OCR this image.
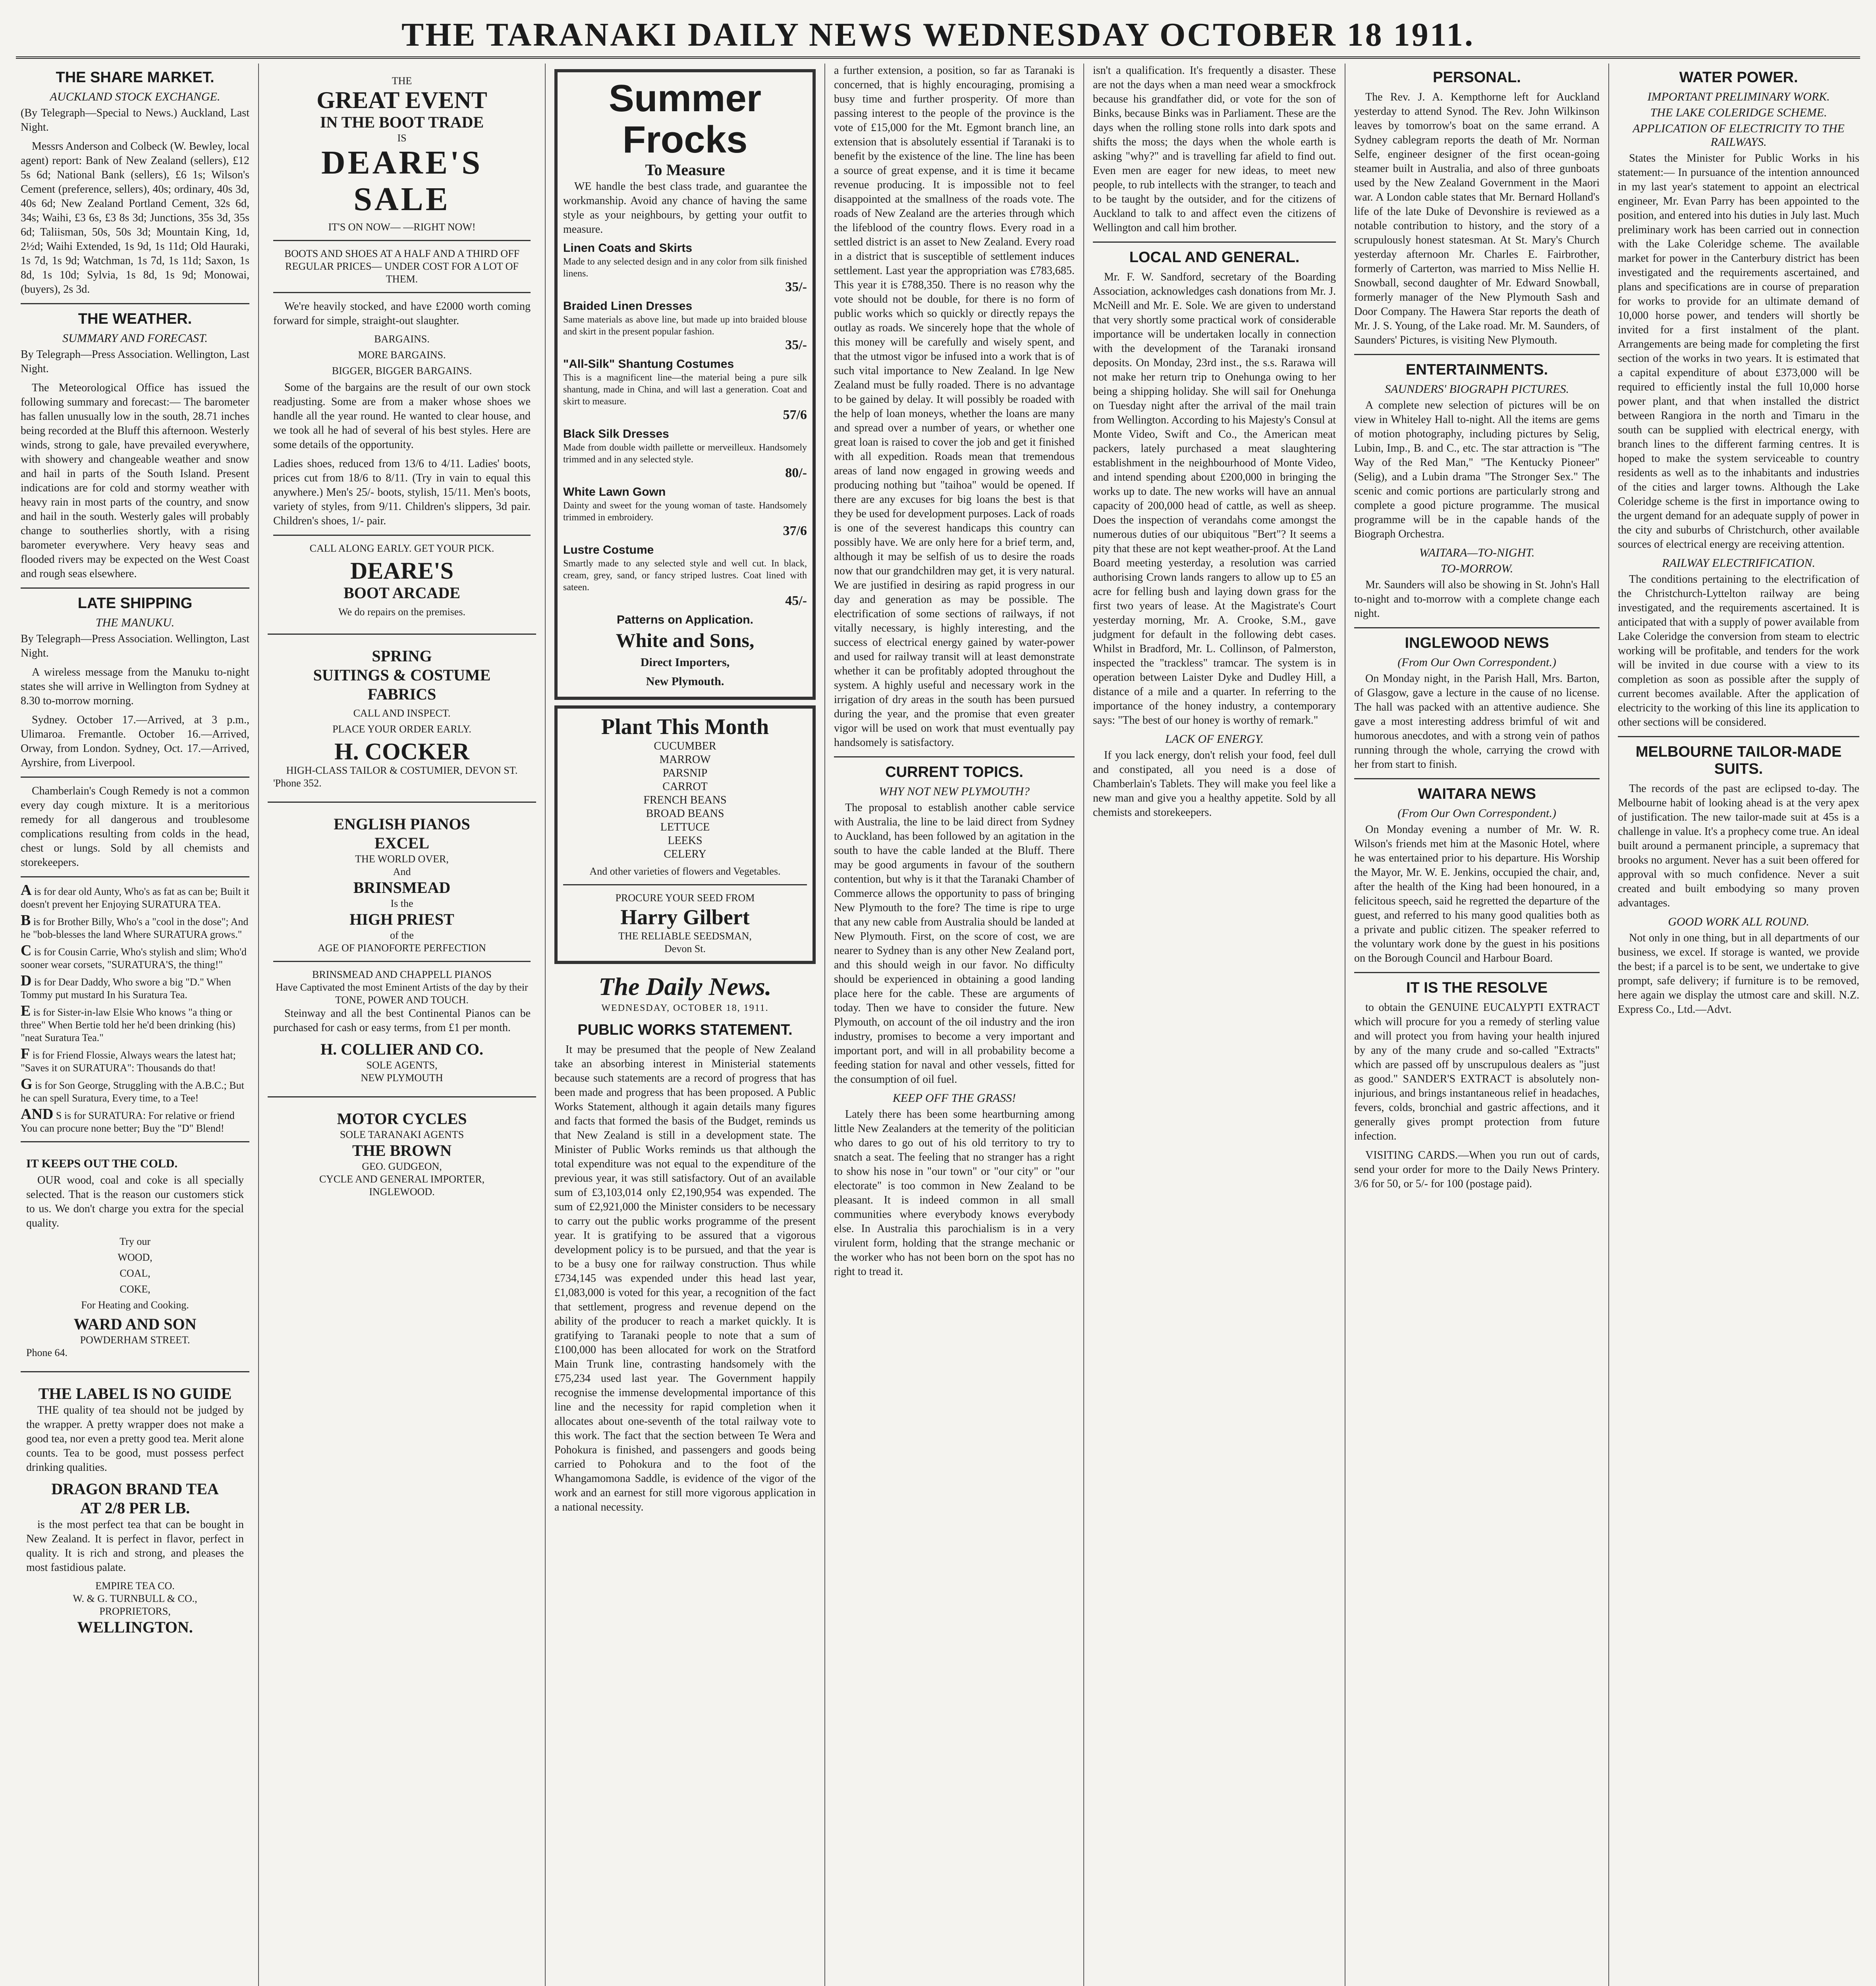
THE TARANAKI DAILY NEWS WEDNESDAY OCTOBER 18 1911.
THE SHARE MARKET.
AUCKLAND STOCK EXCHANGE.

(By Telegraph—Special to News.) Auckland, Last Night.

Messrs Anderson and Colbeck (W. Bewley, local agent) report: Bank of New Zealand (sellers), £12 5s 6d; National Bank (sellers), £6 1s; Wilson's Cement (preference, sellers), 40s; ordinary, 40s 3d, 40s 6d; New Zealand Portland Cement, 32s 6d, 34s; Waihi, £3 6s, £3 8s 3d; Junctions, 35s 3d, 35s 6d; Taliisman, 50s, 50s 3d; Mountain King, 1d, 2½d; Waihi Extended, 1s 9d, 1s 11d; Old Hauraki, 1s 7d, 1s 9d; Watchman, 1s 7d, 1s 11d; Saxon, 1s 8d, 1s 10d; Sylvia, 1s 8d, 1s 9d; Monowai, (buyers), 2s 3d.

THE WEATHER.
SUMMARY AND FORECAST.

By Telegraph—Press Association. Wellington, Last Night.

The Meteorological Office has issued the following summary and forecast:— The barometer has fallen unusually low in the south, 28.71 inches being recorded at the Bluff this afternoon. Westerly winds, strong to gale, have prevailed everywhere, with showery and changeable weather and snow and hail in parts of the South Island. Present indications are for cold and stormy weather with heavy rain in most parts of the country, and snow and hail in the south. Westerly gales will probably change to southerlies shortly, with a rising barometer everywhere. Very heavy seas and flooded rivers may be expected on the West Coast and rough seas elsewhere.

LATE SHIPPING
THE MANUKU.

By Telegraph—Press Association. Wellington, Last Night.

A wireless message from the Manuku to-night states she will arrive in Wellington from Sydney at 8.30 to-morrow morning.

Sydney. October 17.—Arrived, at 3 p.m., Ulimaroa. Fremantle. October 16.—Arrived, Orway, from London. Sydney, Oct. 17.—Arrived, Ayrshire, from Liverpool.

Chamberlain's Cough Remedy is not a common every day cough mixture. It is a meritorious remedy for all dangerous and troublesome complications resulting from colds in the head, chest or lungs. Sold by all chemists and storekeepers.

A is for dear old Aunty, Who's as fat as can be; Built it doesn't prevent her Enjoying SURATURA TEA.
B is for Brother Billy, Who's a "cool in the dose"; And he "bob-blesses the land Where SURATURA grows."
C is for Cousin Carrie, Who's stylish and slim; Who'd sooner wear corsets, "SURATURA'S, the thing!"
D is for Dear Daddy, Who swore a big "D." When Tommy put mustard In his Suratura Tea.
E is for Sister-in-law Elsie Who knows "a thing or three" When Bertie told her he'd been drinking (his) "neat Suratura Tea."
F is for Friend Flossie, Always wears the latest hat; "Saves it on SURATURA": Thousands do that!
G is for Son George, Struggling with the A.B.C.; But he can spell Suratura, Every time, to a Tee!
AND S is for SURATURA: For relative or friend You can procure none better; Buy the "D" Blend!
IT KEEPS OUT THE COLD.

OUR wood, coal and coke is all specially selected. That is the reason our customers stick to us. We don't charge you extra for the special quality.

Try our
WOOD,
COAL,
COKE,
For Heating and Cooking.
WARD AND SON
POWDERHAM STREET.
Phone 64.
THE LABEL IS NO GUIDE

THE quality of tea should not be judged by the wrapper. A pretty wrapper does not make a good tea, nor even a pretty good tea. Merit alone counts. Tea to be good, must possess perfect drinking qualities.

DRAGON BRAND TEA
AT 2/8 PER LB.

is the most perfect tea that can be bought in New Zealand. It is perfect in flavor, perfect in quality. It is rich and strong, and pleases the most fastidious palate.

EMPIRE TEA CO.
W. & G. TURNBULL & CO.,
PROPRIETORS,
WELLINGTON.
THE
GREAT EVENT
IN THE BOOT TRADE
IS
DEARE'S
SALE
IT'S ON NOW— —RIGHT NOW!
BOOTS AND SHOES AT A HALF AND A THIRD OFF REGULAR PRICES— UNDER COST FOR A LOT OF THEM.

We're heavily stocked, and have £2000 worth coming forward for simple, straight-out slaughter.

BARGAINS.
MORE BARGAINS.
BIGGER, BIGGER BARGAINS.

Some of the bargains are the result of our own stock readjusting. Some are from a maker whose shoes we handle all the year round. He wanted to clear house, and we took all he had of several of his best styles. Here are some details of the opportunity.

Ladies shoes, reduced from 13/6 to 4/11. Ladies' boots, prices cut from 18/6 to 8/11. (Try in vain to equal this anywhere.) Men's 25/- boots, stylish, 15/11. Men's boots, variety of styles, from 9/11. Children's slippers, 3d pair. Children's shoes, 1/- pair.

CALL ALONG EARLY. GET YOUR PICK.
DEARE'S
BOOT ARCADE
We do repairs on the premises.
SPRING
SUITINGS & COSTUME
FABRICS
CALL AND INSPECT.
PLACE YOUR ORDER EARLY.
H. COCKER
HIGH-CLASS TAILOR & COSTUMIER, DEVON ST.
'Phone 352.
ENGLISH PIANOS
EXCEL
THE WORLD OVER,
And
BRINSMEAD
Is the
HIGH PRIEST
of the
AGE OF PIANOFORTE PERFECTION
BRINSMEAD AND CHAPPELL PIANOS
Have Captivated the most Eminent Artists of the day by their
TONE, POWER AND TOUCH.

Steinway and all the best Continental Pianos can be purchased for cash or easy terms, from £1 per month.

H. COLLIER AND CO.
SOLE AGENTS,
NEW PLYMOUTH
MOTOR CYCLES
SOLE TARANAKI AGENTS
THE BROWN
GEO. GUDGEON,
CYCLE AND GENERAL IMPORTER,
INGLEWOOD.
Summer Frocks
To Measure

WE handle the best class trade, and guarantee the workmanship. Avoid any chance of having the same style as your neighbours, by getting your outfit to measure.

Linen Coats and Skirts
Made to any selected design and in any color from silk finished linens.
35/-
Braided Linen Dresses
Same materials as above line, but made up into braided blouse and skirt in the present popular fashion.
35/-
"All-Silk" Shantung Costumes
This is a magnificent line—the material being a pure silk shantung, made in China, and will last a generation. Coat and skirt to measure.
57/6
Black Silk Dresses
Made from double width paillette or merveilleux. Handsomely trimmed and in any selected style.
80/-
White Lawn Gown
Dainty and sweet for the young woman of taste. Handsomely trimmed in embroidery.
37/6
Lustre Costume
Smartly made to any selected style and well cut. In black, cream, grey, sand, or fancy striped lustres. Coat lined with sateen.
45/-
Patterns on Application.
White and Sons,
Direct Importers,
New Plymouth.
Plant This Month
CUCUMBER
MARROW
PARSNIP
CARROT
FRENCH BEANS
BROAD BEANS
LETTUCE
LEEKS
CELERY
And other varieties of flowers and Vegetables.
PROCURE YOUR SEED FROM
Harry Gilbert
THE RELIABLE SEEDSMAN,
Devon St.
The Daily News.
WEDNESDAY, OCTOBER 18, 1911.
PUBLIC WORKS STATEMENT.

It may be presumed that the people of New Zealand take an absorbing interest in Ministerial statements because such statements are a record of progress that has been made and progress that has been proposed. A Public Works Statement, although it again details many figures and facts that formed the basis of the Budget, reminds us that New Zealand is still in a development state. The Minister of Public Works reminds us that although the total expenditure was not equal to the expenditure of the previous year, it was still satisfactory. Out of an available sum of £3,103,014 only £2,190,954 was expended. The sum of £2,921,000 the Minister considers to be necessary to carry out the public works programme of the present year. It is gratifying to be assured that a vigorous development policy is to be pursued, and that the year is to be a busy one for railway construction. Thus while £734,145 was expended under this head last year, £1,083,000 is voted for this year, a recognition of the fact that settlement, progress and revenue depend on the ability of the producer to reach a market quickly. It is gratifying to Taranaki people to note that a sum of £100,000 has been allocated for work on the Stratford Main Trunk line, contrasting handsomely with the £75,234 used last year. The Government happily recognise the immense developmental importance of this line and the necessity for rapid completion when it allocates about one-seventh of the total railway vote to this work. The fact that the section between Te Wera and Pohokura is finished, and passengers and goods being carried to Pohokura and to the foot of the Whangamomona Saddle, is evidence of the vigor of the work and an earnest for still more vigorous application in a national necessity.

a further extension, a position, so far as Taranaki is concerned, that is highly encouraging, promising a busy time and further prosperity. Of more than passing interest to the people of the province is the vote of £15,000 for the Mt. Egmont branch line, an extension that is absolutely essential if Taranaki is to benefit by the existence of the line. The line has been a source of great expense, and it is time it became revenue producing. It is impossible not to feel disappointed at the smallness of the roads vote. The roads of New Zealand are the arteries through which the lifeblood of the country flows. Every road in a settled district is an asset to New Zealand. Every road in a district that is susceptible of settlement induces settlement. Last year the appropriation was £783,685. This year it is £788,350. There is no reason why the vote should not be double, for there is no form of public works which so quickly or directly repays the outlay as roads. We sincerely hope that the whole of this money will be carefully and wisely spent, and that the utmost vigor be infused into a work that is of such vital importance to New Zealand. In lge New Zealand must be fully roaded. There is no advantage to be gained by delay. It will possibly be roaded with the help of loan moneys, whether the loans are many and spread over a number of years, or whether one great loan is raised to cover the job and get it finished with all expedition. Roads mean that tremendous areas of land now engaged in growing weeds and producing nothing but "taihoa" would be opened. If there are any excuses for big loans the best is that they be used for development purposes. Lack of roads is one of the severest handicaps this country can possibly have. We are only here for a brief term, and, although it may be selfish of us to desire the roads now that our grandchildren may get, it is very natural. We are justified in desiring as rapid progress in our day and generation as may be possible. The electrification of some sections of railways, if not vitally necessary, is highly interesting, and the success of electrical energy gained by water-power and used for railway transit will at least demonstrate whether it can be profitably adopted throughout the system. A highly useful and necessary work in the irrigation of dry areas in the south has been pursued during the year, and the promise that even greater vigor will be used on work that must eventually pay handsomely is satisfactory.

CURRENT TOPICS.
WHY NOT NEW PLYMOUTH?

The proposal to establish another cable service with Australia, the line to be laid direct from Sydney to Auckland, has been followed by an agitation in the south to have the cable landed at the Bluff. There may be good arguments in favour of the southern contention, but why is it that the Taranaki Chamber of Commerce allows the opportunity to pass of bringing New Plymouth to the fore? The time is ripe to urge that any new cable from Australia should be landed at New Plymouth. First, on the score of cost, we are nearer to Sydney than is any other New Zealand port, and this should weigh in our favor. No difficulty should be experienced in obtaining a good landing place here for the cable. These are arguments of today. Then we have to consider the future. New Plymouth, on account of the oil industry and the iron industry, promises to become a very important and important port, and will in all probability become a feeding station for naval and other vessels, fitted for the consumption of oil fuel.

KEEP OFF THE GRASS!

Lately there has been some heartburning among little New Zealanders at the temerity of the politician who dares to go out of his old territory to try to snatch a seat. The feeling that no stranger has a right to show his nose in "our town" or "our city" or "our electorate" is too common in New Zealand to be pleasant. It is indeed common in all small communities where everybody knows everybody else. In Australia this parochialism is in a very virulent form, holding that the strange mechanic or the worker who has not been born on the spot has no right to tread it.

isn't a qualification. It's frequently a disaster. These are not the days when a man need wear a smockfrock because his grandfather did, or vote for the son of Binks, because Binks was in Parliament. These are the days when the rolling stone rolls into dark spots and shifts the moss; the days when the whole earth is asking "why?" and is travelling far afield to find out. Even men are eager for new ideas, to meet new people, to rub intellects with the stranger, to teach and to be taught by the outsider, and for the citizens of Auckland to talk to and affect even the citizens of Wellington and call him brother.

LOCAL AND GENERAL.

Mr. F. W. Sandford, secretary of the Boarding Association, acknowledges cash donations from Mr. J. McNeill and Mr. E. Sole. We are given to understand that very shortly some practical work of considerable importance will be undertaken locally in connection with the development of the Taranaki ironsand deposits. On Monday, 23rd inst., the s.s. Rarawa will not make her return trip to Onehunga owing to her being a shipping holiday. She will sail for Onehunga on Tuesday night after the arrival of the mail train from Wellington. According to his Majesty's Consul at Monte Video, Swift and Co., the American meat packers, lately purchased a meat slaughtering establishment in the neighbourhood of Monte Video, and intend spending about £200,000 in bringing the works up to date. The new works will have an annual capacity of 200,000 head of cattle, as well as sheep. Does the inspection of verandahs come amongst the numerous duties of our ubiquitous "Bert"? It seems a pity that these are not kept weather-proof. At the Land Board meeting yesterday, a resolution was carried authorising Crown lands rangers to allow up to £5 an acre for felling bush and laying down grass for the first two years of lease. At the Magistrate's Court yesterday morning, Mr. A. Crooke, S.M., gave judgment for default in the following debt cases. Whilst in Bradford, Mr. L. Collinson, of Palmerston, inspected the "trackless" tramcar. The system is in operation between Laister Dyke and Dudley Hill, a distance of a mile and a quarter. In referring to the importance of the honey industry, a contemporary says: "The best of our honey is worthy of remark."

LACK OF ENERGY.

If you lack energy, don't relish your food, feel dull and constipated, all you need is a dose of Chamberlain's Tablets. They will make you feel like a new man and give you a healthy appetite. Sold by all chemists and storekeepers.

PERSONAL.

The Rev. J. A. Kempthorne left for Auckland yesterday to attend Synod. The Rev. John Wilkinson leaves by tomorrow's boat on the same errand. A Sydney cablegram reports the death of Mr. Norman Selfe, engineer designer of the first ocean-going steamer built in Australia, and also of three gunboats used by the New Zealand Government in the Maori war. A London cable states that Mr. Bernard Holland's life of the late Duke of Devonshire is reviewed as a notable contribution to history, and the story of a scrupulously honest statesman. At St. Mary's Church yesterday afternoon Mr. Charles E. Fairbrother, formerly of Carterton, was married to Miss Nellie H. Snowball, second daughter of Mr. Edward Snowball, formerly manager of the New Plymouth Sash and Door Company. The Hawera Star reports the death of Mr. J. S. Young, of the Lake road. Mr. M. Saunders, of Saunders' Pictures, is visiting New Plymouth.

ENTERTAINMENTS.
SAUNDERS' BIOGRAPH PICTURES.

A complete new selection of pictures will be on view in Whiteley Hall to-night. All the items are gems of motion photography, including pictures by Selig, Lubin, Imp., B. and C., etc. The star attraction is "The Way of the Red Man," "The Kentucky Pioneer" (Selig), and a Lubin drama "The Stronger Sex." The scenic and comic portions are particularly strong and complete a good picture programme. The musical programme will be in the capable hands of the Biograph Orchestra.

WAITARA—TO-NIGHT.
TO-MORROW.

Mr. Saunders will also be showing in St. John's Hall to-night and to-morrow with a complete change each night.

INGLEWOOD NEWS
(From Our Own Correspondent.)

On Monday night, in the Parish Hall, Mrs. Barton, of Glasgow, gave a lecture in the cause of no license. The hall was packed with an attentive audience. She gave a most interesting address brimful of wit and humorous anecdotes, and with a strong vein of pathos running through the whole, carrying the crowd with her from start to finish.

WAITARA NEWS
(From Our Own Correspondent.)

On Monday evening a number of Mr. W. R. Wilson's friends met him at the Masonic Hotel, where he was entertained prior to his departure. His Worship the Mayor, Mr. W. E. Jenkins, occupied the chair, and, after the health of the King had been honoured, in a felicitous speech, said he regretted the departure of the guest, and referred to his many good qualities both as a private and public citizen. The speaker referred to the voluntary work done by the guest in his positions on the Borough Council and Harbour Board.

IT IS THE RESOLVE

to obtain the GENUINE EUCALYPTI EXTRACT which will procure for you a remedy of sterling value and will protect you from having your health injured by any of the many crude and so-called "Extracts" which are passed off by unscrupulous dealers as "just as good." SANDER'S EXTRACT is absolutely non-injurious, and brings instantaneous relief in headaches, fevers, colds, bronchial and gastric affections, and it generally gives prompt protection from future infection.

VISITING CARDS.—When you run out of cards, send your order for more to the Daily News Printery. 3/6 for 50, or 5/- for 100 (postage paid).

WATER POWER.
IMPORTANT PRELIMINARY WORK.
THE LAKE COLERIDGE SCHEME.
APPLICATION OF ELECTRICITY TO THE RAILWAYS.

States the Minister for Public Works in his statement:— In pursuance of the intention announced in my last year's statement to appoint an electrical engineer, Mr. Evan Parry has been appointed to the position, and entered into his duties in July last. Much preliminary work has been carried out in connection with the Lake Coleridge scheme. The available market for power in the Canterbury district has been investigated and the requirements ascertained, and plans and specifications are in course of preparation for works to provide for an ultimate demand of 10,000 horse power, and tenders will shortly be invited for a first instalment of the plant. Arrangements are being made for completing the first section of the works in two years. It is estimated that a capital expenditure of about £373,000 will be required to efficiently instal the full 10,000 horse power plant, and that when installed the district between Rangiora in the north and Timaru in the south can be supplied with electrical energy, with branch lines to the different farming centres. It is hoped to make the system serviceable to country residents as well as to the inhabitants and industries of the cities and larger towns. Although the Lake Coleridge scheme is the first in importance owing to the urgent demand for an adequate supply of power in the city and suburbs of Christchurch, other available sources of electrical energy are receiving attention.

RAILWAY ELECTRIFICATION.

The conditions pertaining to the electrification of the Christchurch-Lyttelton railway are being investigated, and the requirements ascertained. It is anticipated that with a supply of power available from Lake Coleridge the conversion from steam to electric working will be profitable, and tenders for the work will be invited in due course with a view to its completion as soon as possible after the supply of current becomes available. After the application of electricity to the working of this line its application to other sections will be considered.

MELBOURNE TAILOR-MADE SUITS.

The records of the past are eclipsed to-day. The Melbourne habit of looking ahead is at the very apex of justification. The new tailor-made suit at 45s is a challenge in value. It's a prophecy come true. An ideal built around a permanent principle, a supremacy that brooks no argument. Never has a suit been offered for approval with so much confidence. Never a suit created and built embodying so many proven advantages.

GOOD WORK ALL ROUND.

Not only in one thing, but in all departments of our business, we excel. If storage is wanted, we provide the best; if a parcel is to be sent, we undertake to give prompt, safe delivery; if furniture is to be removed, here again we display the utmost care and skill. N.Z. Express Co., Ltd.—Advt.
